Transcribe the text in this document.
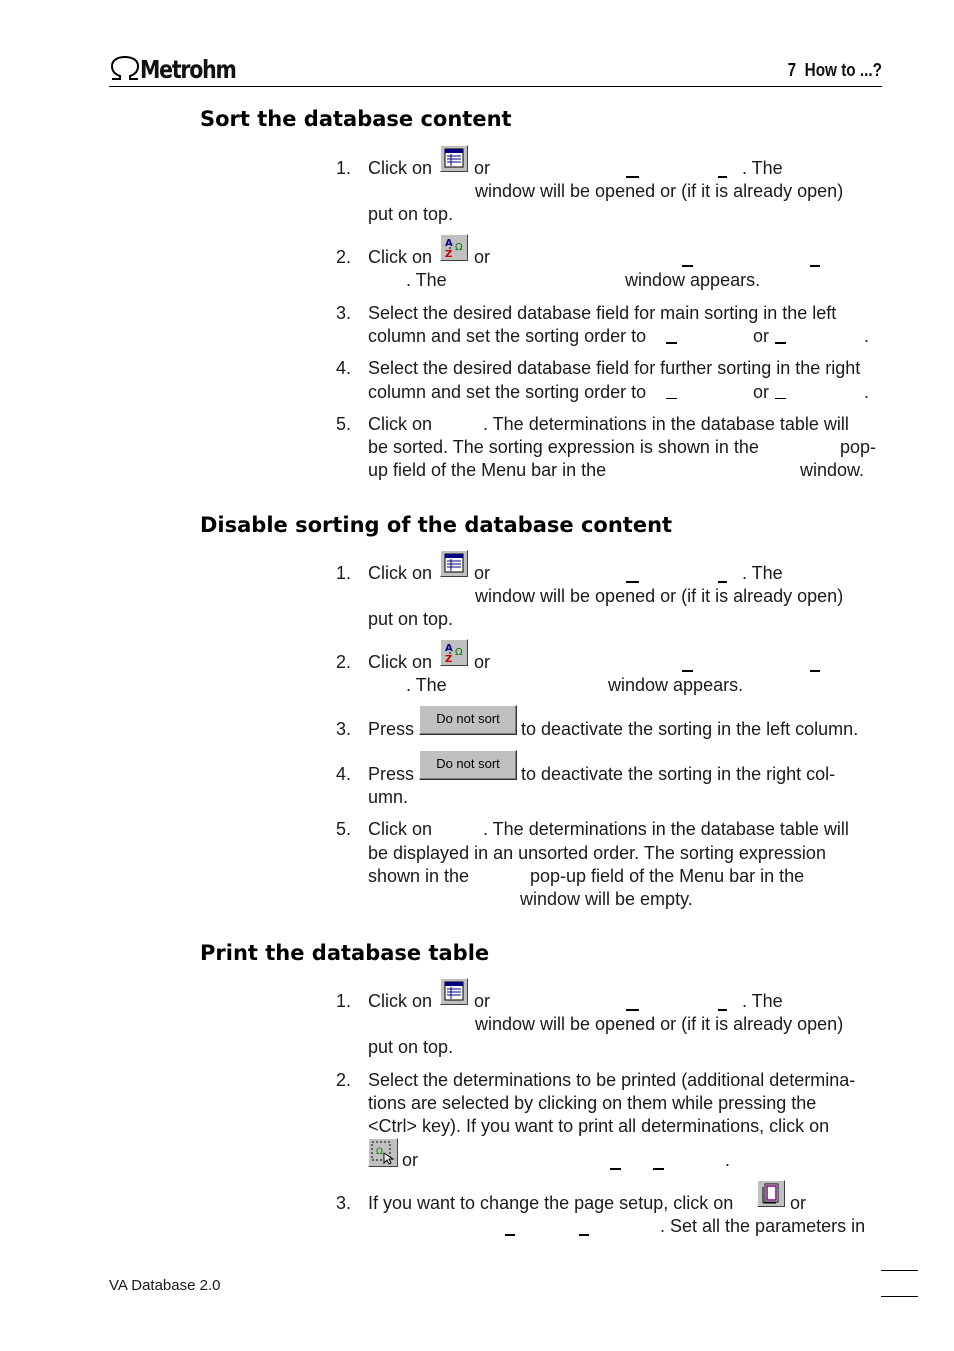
Metrohm	7  How to ...?
Sort the database content
1. Click on or	. The
window will be opened or (if it is already open)
put on top.
2. Click on
A
Z
Ω or
. The	window appears.
3. Select the desired database field for main sorting in the left
column and set the sorting order to	or	.
4. Select the desired database field for further sorting in the right
column and set the sorting order to	or	.
5. Click on	. The determinations in the database table will
be sorted. The sorting expression is shown in the	pop-
up field of the Menu bar in the	window.
Disable sorting of the database content
1. Click on or	. The
window will be opened or (if it is already open)
put on top.
2. Click on
A
Z
Ω or
. The	window appears.
3. Press
Do not sort
to deactivate the sorting in the left column.
4. Press
Do not sort
to deactivate the sorting in the right col-
umn.
5. Click on	. The determinations in the database table will
be displayed in an unsorted order. The sorting expression
shown in the	pop-up field of the Menu bar in the
window will be empty.
Print the database table
1. Click on or	. The
window will be opened or (if it is already open)
put on top.
2. Select the determinations to be printed (additional determina-
tions are selected by clicking on them while pressing the
<Ctrl> key). If you want to print all determinations, click on
Ω or	.
3. If you want to change the page setup, click on	or
. Set all the parameters in
VA Database 2.0
